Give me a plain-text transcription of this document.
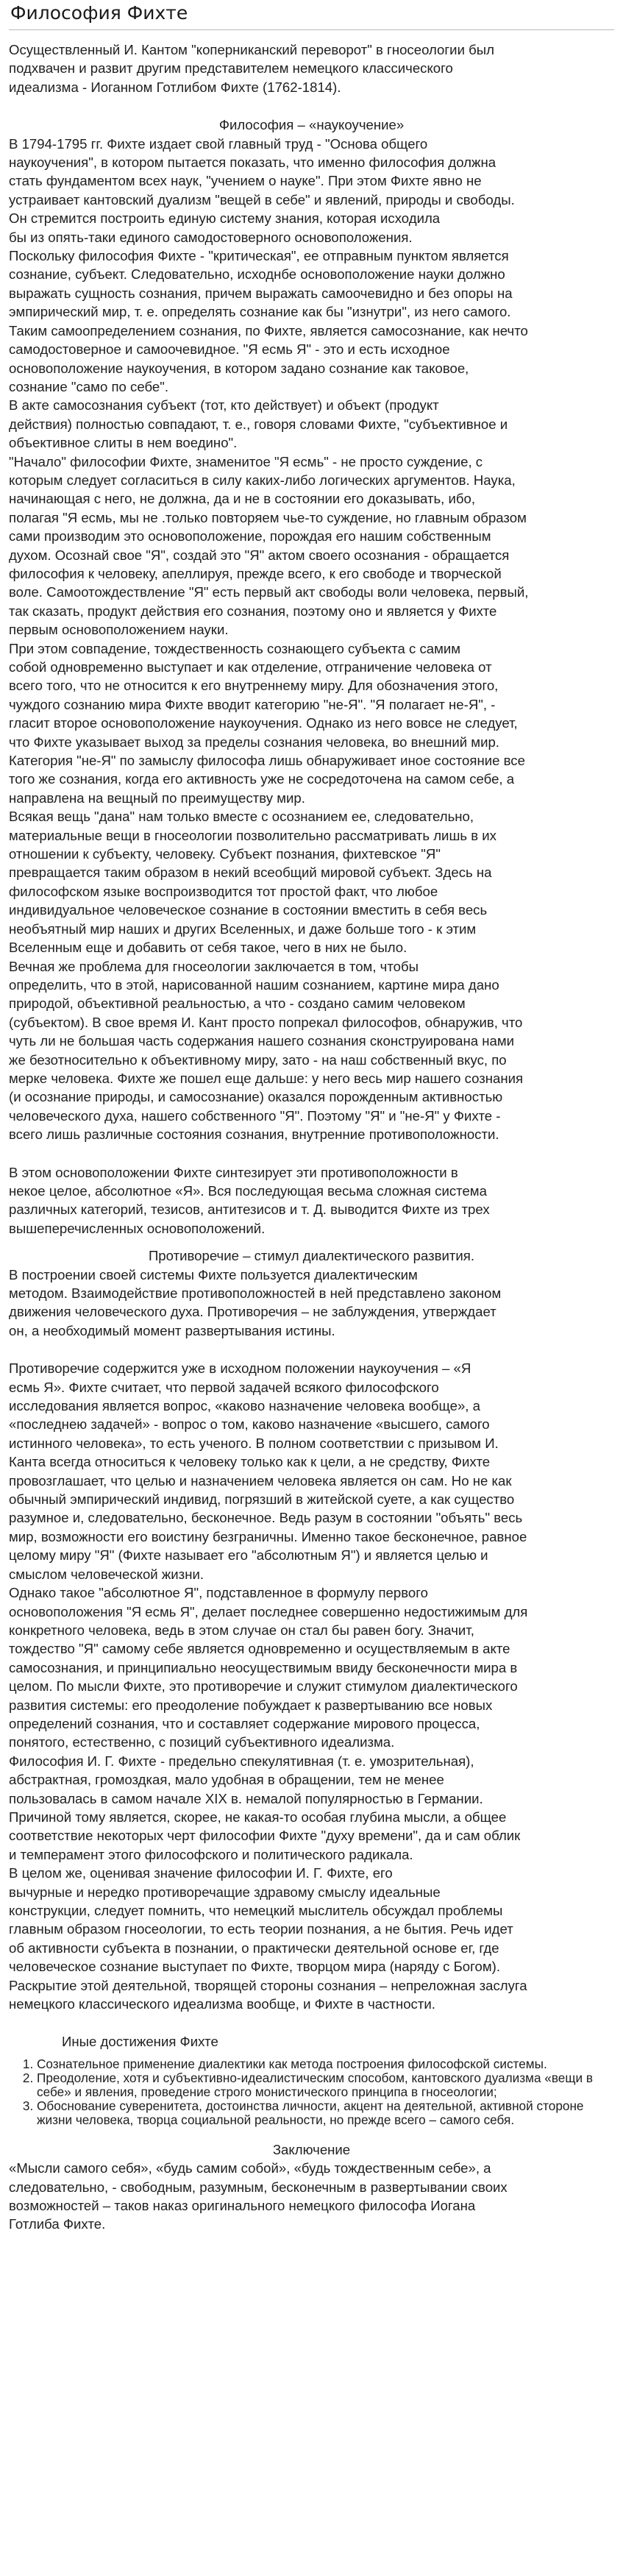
Философия Фихте

Осуществленный И. Кантом "коперниканский переворот" в гносеологии был
подхвачен и развит другим представителем немецкого классического
идеализма - Иоганном Готлибом Фихте (1762-1814).

Философия – «наукоучение»

В 1794-1795 гг. Фихте издает свой главный труд - "Основа общего
наукоучения", в котором пытается показать, что именно философия должна
стать фундаментом всех наук, "учением о науке". При этом Фихте явно не
устраивает кантовский дуализм "вещей в себе" и явлений, природы и свободы.
Он стремится построить единую систему знания, которая исходила
бы из опять-таки единого самодостоверного основоположения.
Поскольку философия Фихте - "критическая", ее отправным пунктом является
сознание, субъект. Следовательно, исходнбе основоположение науки должно
выражать сущность сознания, причем выражать самоочевидно и без опоры на
эмпирический мир, т. е. определять сознание как бы "изнутри", из него самого.
Таким самоопределением сознания, по Фихте, является самосознание, как нечто
самодостоверное и самоочевидное. "Я есмь Я" - это и есть исходное
основоположение наукоучения, в котором задано сознание как таковое,
сознание "само по себе".

В акте самосознания субъект (тот, кто действует) и объект (продукт
действия) полностью совпадают, т. е., говоря словами Фихте, "субъективное и
объективное слиты в нем воедино".

"Начало" философии Фихте, знаменитое "Я есмь" - не просто суждение, с
которым следует согласиться в силу каких-либо логических аргументов. Наука,
начинающая с него, не должна, да и не в состоянии его доказывать, ибо,
полагая "Я есмь, мы не .только повторяем чье-то суждение, но главным образом
сами производим это основоположение, порождая его нашим собственным
духом. Осознай свое "Я", создай это "Я" актом своего осознания - обращается
философия к человеку, апеллируя, прежде всего, к его свободе и творческой
воле. Самоотождествление "Я" есть первый акт свободы воли человека, первый,
так сказать, продукт действия его сознания, поэтому оно и является у Фихте
первым основоположением науки.

При этом совпадение, тождественность сознающего субъекта с самим
собой одновременно выступает и как отделение, отграничение человека от
всего того, что не относится к его внутреннему миру. Для обозначения этого,
чуждого сознанию мира Фихте вводит категорию "не-Я". "Я полагает не-Я", -
гласит второе основоположение наукоучения. Однако из него вовсе не следует,
что Фихте указывает выход за пределы сознания человека, во внешний мир.
Категория "не-Я" по замыслу философа лишь обнаруживает иное состояние все
того же сознания, когда его активность уже не сосредоточена на самом себе, а
направлена на вещный по преимуществу мир.

Всякая вещь "дана" нам только вместе с осознанием ее, следовательно,
материальные вещи в гносеологии позволительно рассматривать лишь в их
отношении к субъекту, человеку. Субъект познания, фихтевское "Я"
превращается таким образом в некий всеобщий мировой субъект. Здесь на
философском языке воспроизводится тот простой факт, что любое
индивидуальное человеческое сознание в состоянии вместить в себя весь
необъятный мир наших и других Вселенных, и даже больше того - к этим
Вселенным еще и добавить от себя такое, чего в них не было.

Вечная же проблема для гносеологии заключается в том, чтобы
определить, что в этой, нарисованной нашим сознанием, картине мира дано
природой, объективной реальностью, а что - создано самим человеком
(субъектом). В свое время И. Кант просто попрекал философов, обнаружив, что
чуть ли не большая часть содержания нашего сознания сконструирована нами
же безотносительно к объективному миру, зато - на наш собственный вкус, по
мерке человека. Фихте же пошел еще дальше: у него весь мир нашего сознания
(и осознание природы, и самосознание) оказался порожденным активностью
человеческого духа, нашего собственного "Я". Поэтому "Я" и "не-Я" у Фихте -
всего лишь различные состояния сознания, внутренние противоположности.

В этом основоположении Фихте синтезирует эти противоположности в
некое целое, абсолютное «Я». Вся последующая весьма сложная система
различных категорий, тезисов, антитезисов и т. Д. выводится Фихте из трех
вышеперечисленных основоположений.

Противоречие – стимул диалектического развития.

В построении своей системы Фихте пользуется диалектическим
методом. Взаимодействие противоположностей в ней представлено законом
движения человеческого духа. Противоречия – не заблуждения, утверждает
он, а необходимый момент развертывания истины.

Противоречие содержится уже в исходном положении наукоучения – «Я
есмь Я». Фихте считает, что первой задачей всякого философского
исследования является вопрос, «каково назначение человека вообще», а
«последнею задачей» - вопрос о том, каково назначение «высшего, самого
истинного человека», то есть ученого. В полном соответствии с призывом И.
Канта всегда относиться к человеку только как к цели, а не средству, Фихте
провозглашает, что целью и назначением человека является он сам. Но не как
обычный эмпирический индивид, погрязший в житейской суете, а как существо
разумное и, следовательно, бесконечное. Ведь разум в состоянии "объять" весь
мир, возможности его воистину безграничны. Именно такое бесконечное, равное
целому миру "Я" (Фихте называет его "абсолютным Я") и является целью и
смыслом человеческой жизни.

Однако такое "абсолютное Я", подставленное в формулу первого
основоположения "Я есмь Я", делает последнее совершенно недостижимым для
конкретного человека, ведь в этом случае он стал бы равен богу. Значит,
тождество "Я" самому себе является одновременно и осуществляемым в акте
самосознания, и принципиально неосуществимым ввиду бесконечности мира в
целом. По мысли Фихте, это противоречие и служит стимулом диалектического
развития системы: его преодоление побуждает к развертыванию все новых
определений сознания, что и составляет содержание мирового процесса,
понятого, естественно, с позиций субъективного идеализма.

Философия И. Г. Фихте - предельно спекулятивная (т. е. умозрительная),
абстрактная, громоздкая, мало удобная в обращении, тем не менее
пользовалась в самом начале XIX в. немалой популярностью в Германии.
Причиной тому является, скорее, не какая-то особая глубина мысли, а общее
соответствие некоторых черт философии Фихте "духу времени", да и сам облик
и темперамент этого философского и политического радикала.

В целом же, оценивая значение философии И. Г. Фихте, его
вычурные и нередко противоречащие здравому смыслу идеальные
конструкции, следует помнить, что немецкий мыслитель обсуждал проблемы
главным образом гносеологии, то есть теории познания, а не бытия. Речь идет
об активности субъекта в познании, о практически деятельной основе ег, где
человеческое сознание выступает по Фихте, творцом мира (наряду с Богом).
Раскрытие этой деятельной, творящей стороны сознания – непреложная заслуга
немецкого классического идеализма вообще, и Фихте в частности.

Иные достижения Фихте

1. Сознательное применение диалектики как метода построения философской системы.
2. Преодоление, хотя и субъективно-идеалистическим способом, кантовского дуализма «вещи в себе» и явления, проведение строго монистического принципа в гносеологии;
3. Обоснование суверенитета, достоинства личности, акцент на деятельной, активной стороне жизни человека, творца социальной реальности, но прежде всего – самого себя.

Заключение

«Мысли самого себя», «будь самим собой», «будь тождественным себе», а
следовательно, - свободным, разумным, бесконечным в развертывании своих
возможностей – таков наказ оригинального немецкого философа Иогана
Готлиба Фихте.
